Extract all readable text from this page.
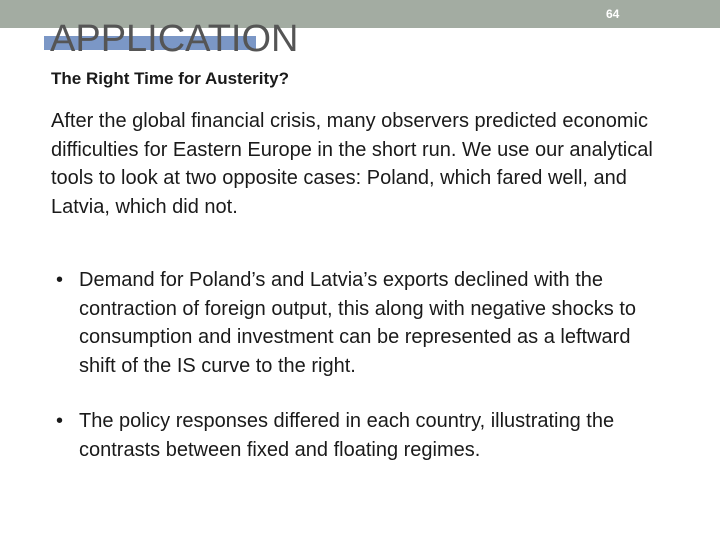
APPLICATION
64
The Right Time for Austerity?

After the global financial crisis, many observers predicted economic difficulties for Eastern Europe in the short run. We use our analytical tools to look at two opposite cases: Poland, which fared well, and Latvia, which did not.

• Demand for Poland’s and Latvia’s exports declined with the contraction of foreign output, this along with negative shocks to consumption and investment can be represented as a leftward shift of the IS curve to the right.
• The policy responses differed in each country, illustrating the contrasts between fixed and floating regimes.
